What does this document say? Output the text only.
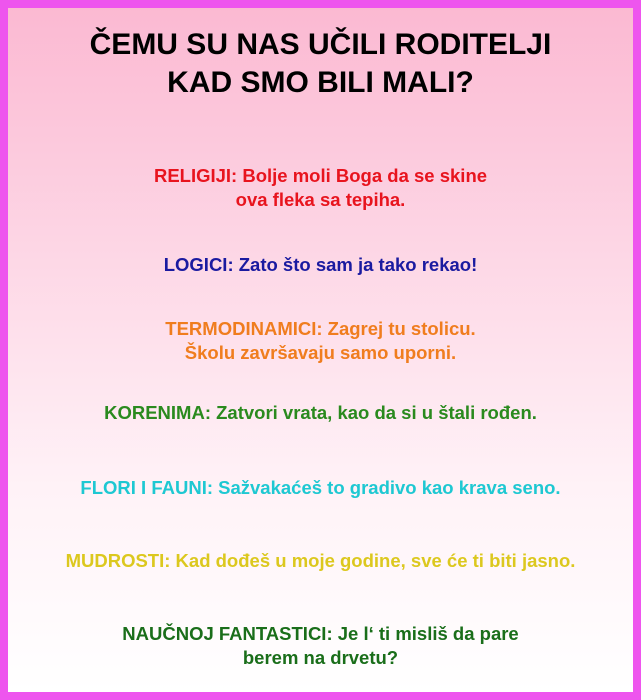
ČEMU SU NAS UČILI RODITELJI
KAD SMO BILI MALI?
RELIGIJI: Bolje moli Boga da se skine
ova fleka sa tepiha.
LOGICI: Zato što sam ja tako rekao!
TERMODINAMICI: Zagrej tu stolicu.
Školu završavaju samo uporni.
KORENIMA: Zatvori vrata, kao da si u štali rođen.
FLORI I FAUNI: Sažvakaćeš to gradivo kao krava seno.
MUDROSTI: Kad dođeš u moje godine, sve će ti biti jasno.
NAUČNOJ FANTASTICI: Je l‘ ti misliš da pare
berem na drvetu?
